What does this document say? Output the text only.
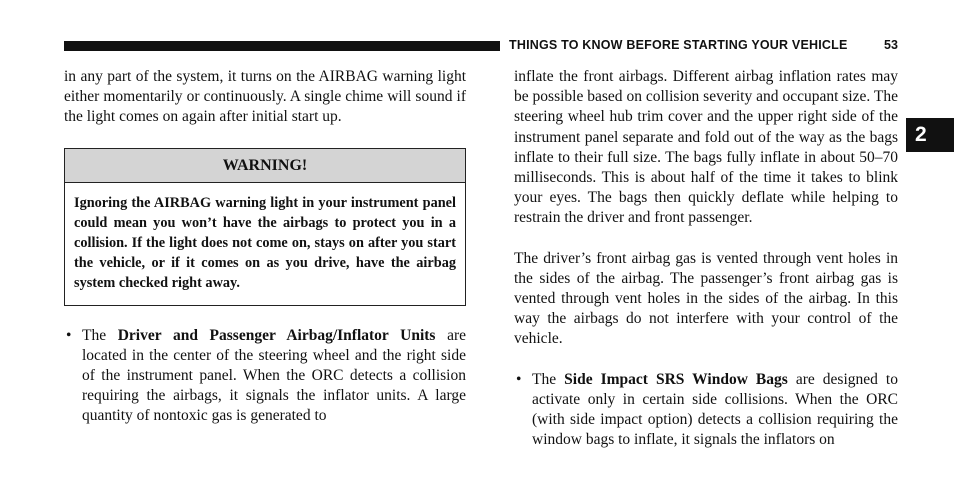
THINGS TO KNOW BEFORE STARTING YOUR VEHICLE	53
2

in any part of the system, it turns on the AIRBAG warning light either momentarily or continuously. A single chime will sound if the light comes on again after initial start up.

WARNING!
Ignoring the AIRBAG warning light in your instrument panel could mean you won’t have the airbags to protect you in a collision. If the light does not come on, stays on after you start the vehicle, or if it comes on as you drive, have the airbag system checked right away.
• The Driver and Passenger Airbag/Inflator Units are located in the center of the steering wheel and the right side of the instrument panel. When the ORC detects a collision requiring the airbags, it signals the inflator units. A large quantity of nontoxic gas is generated to

inflate the front airbags. Different airbag inflation rates may be possible based on collision severity and occupant size. The steering wheel hub trim cover and the upper right side of the instrument panel separate and fold out of the way as the bags inflate to their full size. The bags fully inflate in about 50–70 milliseconds. This is about half of the time it takes to blink your eyes. The bags then quickly deflate while helping to restrain the driver and front passenger.

The driver’s front airbag gas is vented through vent holes in the sides of the airbag. The passenger’s front airbag gas is vented through vent holes in the sides of the airbag. In this way the airbags do not interfere with your control of the vehicle.

• The Side Impact SRS Window Bags are designed to activate only in certain side collisions. When the ORC (with side impact option) detects a collision requiring the window bags to inflate, it signals the inflators on
